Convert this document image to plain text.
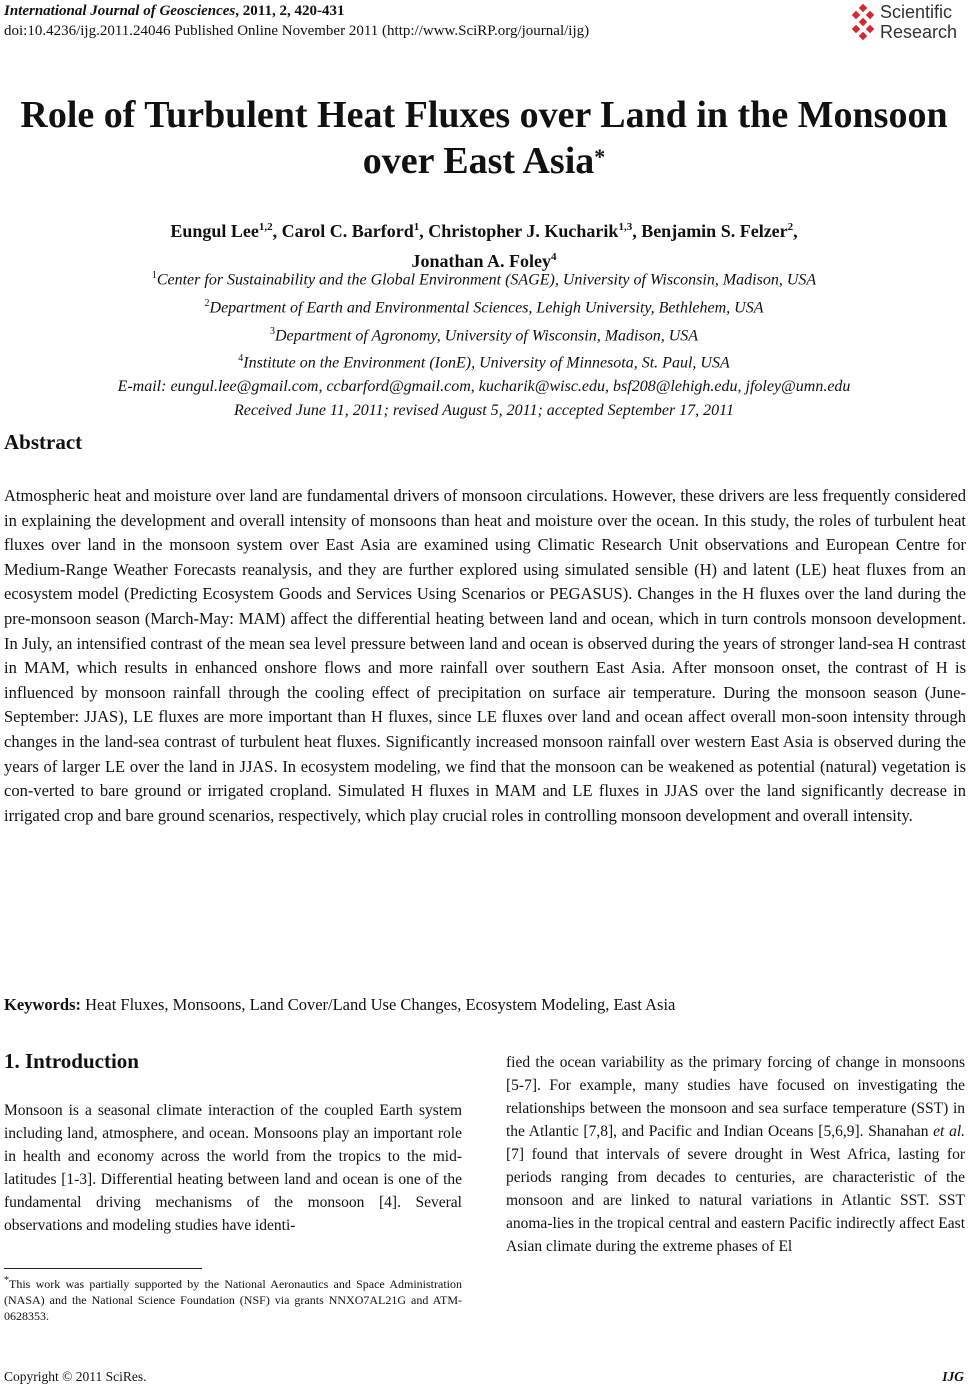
International Journal of Geosciences, 2011, 2, 420-431
doi:10.4236/ijg.2011.24046 Published Online November 2011 (http://www.SciRP.org/journal/ijg)
Scientific
Research
Role of Turbulent Heat Fluxes over Land in the Monsoon
over East Asia*
Eungul Lee$^{1,2}$, Carol C. Barford$^1$, Christopher J. Kucharik$^{1,3}$, Benjamin S. Felzer$^2$,
Jonathan A. Foley$^4$
$^1$Center for Sustainability and the Global Environment (SAGE), University of Wisconsin, Madison, USA
$^2$Department of Earth and Environmental Sciences, Lehigh University, Bethlehem, USA
$^3$Department of Agronomy, University of Wisconsin, Madison, USA
$^4$Institute on the Environment (IonE), University of Minnesota, St. Paul, USA
E-mail: eungul.lee@gmail.com, ccbarford@gmail.com, kucharik@wisc.edu, bsf208@lehigh.edu, jfoley@umn.edu
Received June 11, 2011; revised August 5, 2011; accepted September 17, 2011
Abstract
Atmospheric heat and moisture over land are fundamental drivers of monsoon circulations. However, these drivers are less frequently considered in explaining the development and overall intensity of monsoons than heat and moisture over the ocean. In this study, the roles of turbulent heat fluxes over land in the monsoon system over East Asia are examined using Climatic Research Unit observations and European Centre for Medium-Range Weather Forecasts reanalysis, and they are further explored using simulated sensible (H) and latent (LE) heat fluxes from an ecosystem model (Predicting Ecosystem Goods and Services Using Scenarios or PEGASUS). Changes in the H fluxes over the land during the pre-monsoon season (March-May: MAM) affect the differential heating between land and ocean, which in turn controls monsoon development. In July, an intensified contrast of the mean sea level pressure between land and ocean is observed during the years of stronger land-sea H contrast in MAM, which results in enhanced onshore flows and more rainfall over southern East Asia. After monsoon onset, the contrast of H is influenced by monsoon rainfall through the cooling effect of precipitation on surface air temperature. During the monsoon season (June-September: JJAS), LE fluxes are more important than H fluxes, since LE fluxes over land and ocean affect overall mon-soon intensity through changes in the land-sea contrast of turbulent heat fluxes. Significantly increased monsoon rainfall over western East Asia is observed during the years of larger LE over the land in JJAS. In ecosystem modeling, we find that the monsoon can be weakened as potential (natural) vegetation is con-verted to bare ground or irrigated cropland. Simulated H fluxes in MAM and LE fluxes in JJAS over the land significantly decrease in irrigated crop and bare ground scenarios, respectively, which play crucial roles in controlling monsoon development and overall intensity.
Keywords: Heat Fluxes, Monsoons, Land Cover/Land Use Changes, Ecosystem Modeling, East Asia
1. Introduction
Monsoon is a seasonal climate interaction of the coupled Earth system including land, atmosphere, and ocean. Monsoons play an important role in health and economy across the world from the tropics to the mid-latitudes [1-3]. Differential heating between land and ocean is one of the fundamental driving mechanisms of the monsoon [4]. Several observations and modeling studies have identi-
fied the ocean variability as the primary forcing of change in monsoons [5-7]. For example, many studies have focused on investigating the relationships between the monsoon and sea surface temperature (SST) in the Atlantic [7,8], and Pacific and Indian Oceans [5,6,9]. Shanahan et al. [7] found that intervals of severe drought in West Africa, lasting for periods ranging from decades to centuries, are characteristic of the monsoon and are linked to natural variations in Atlantic SST. SST anoma-lies in the tropical central and eastern Pacific indirectly affect East Asian climate during the extreme phases of El
*This work was partially supported by the National Aeronautics and Space Administration (NASA) and the National Science Foundation (NSF) via grants NNXO7AL21G and ATM-0628353.
Copyright © 2011 SciRes.	IJG
